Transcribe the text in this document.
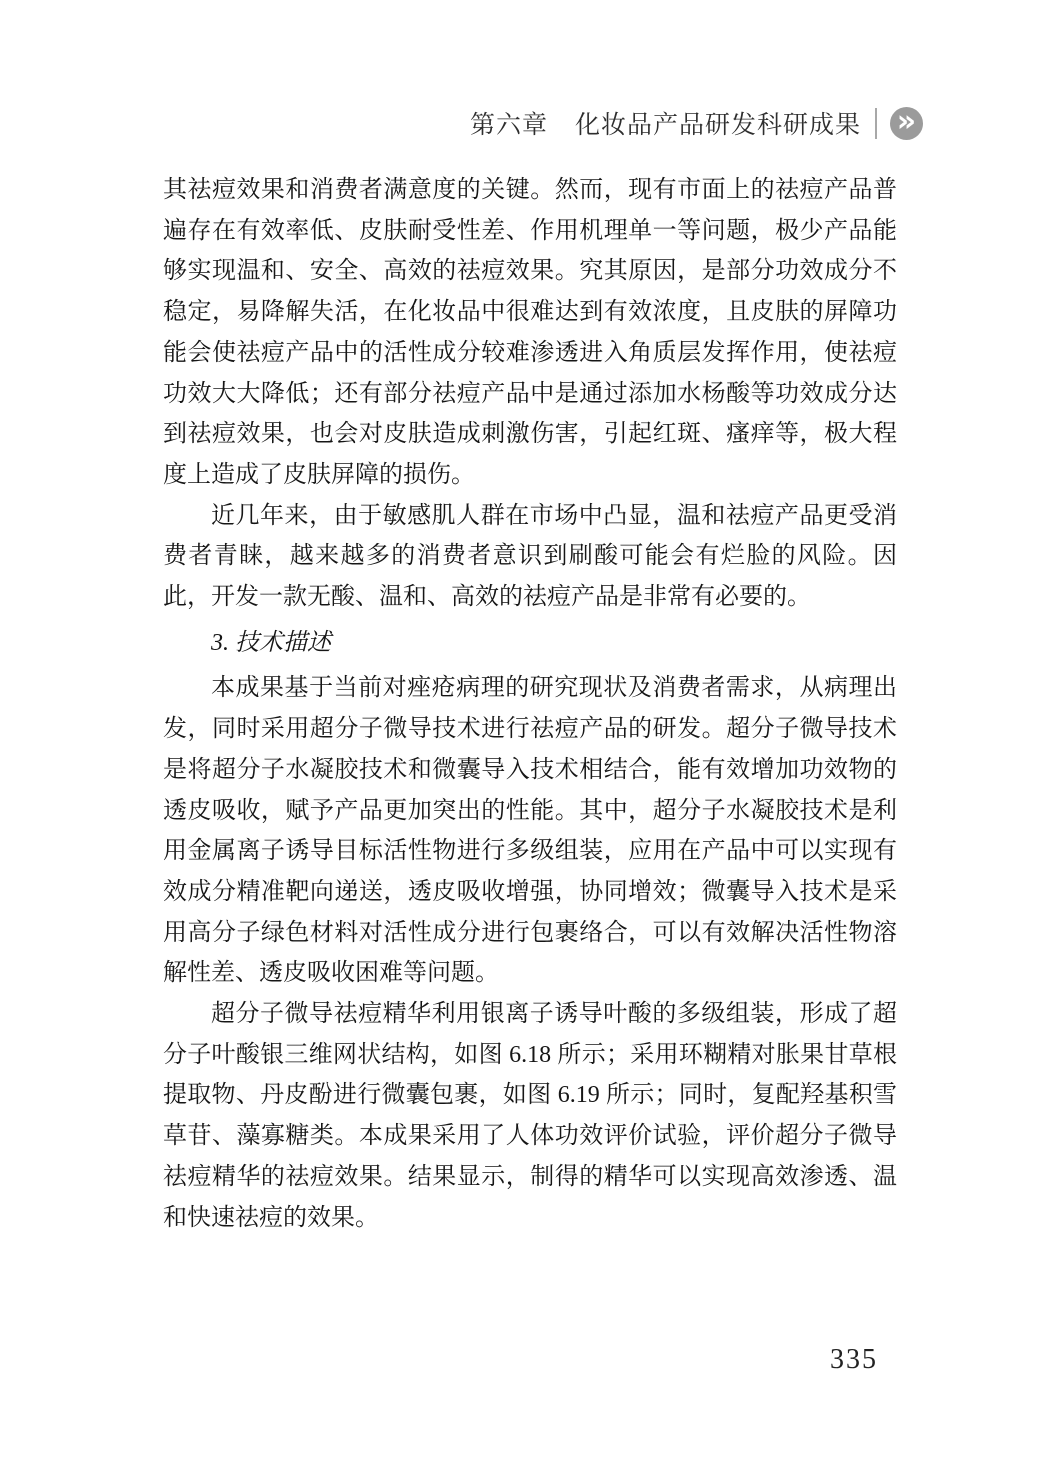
第六章 化妆品产品研发科研成果
»

其祛痘效果和消费者满意度的关键。然而，现有市面上的祛痘产品普遍存在有效率低、皮肤耐受性差、作用机理单一等问题，极少产品能够实现温和、安全、高效的祛痘效果。究其原因，是部分功效成分不稳定，易降解失活，在化妆品中很难达到有效浓度，且皮肤的屏障功能会使祛痘产品中的活性成分较难渗透进入角质层发挥作用，使祛痘功效大大降低；还有部分祛痘产品中是通过添加水杨酸等功效成分达到祛痘效果，也会对皮肤造成刺激伤害，引起红斑、瘙痒等，极大程度上造成了皮肤屏障的损伤。

近几年来，由于敏感肌人群在市场中凸显，温和祛痘产品更受消费者青睐，越来越多的消费者意识到刷酸可能会有烂脸的风险。因此，开发一款无酸、温和、高效的祛痘产品是非常有必要的。

3. 技术描述

本成果基于当前对痤疮病理的研究现状及消费者需求，从病理出发，同时采用超分子微导技术进行祛痘产品的研发。超分子微导技术是将超分子水凝胶技术和微囊导入技术相结合，能有效增加功效物的透皮吸收，赋予产品更加突出的性能。其中，超分子水凝胶技术是利用金属离子诱导目标活性物进行多级组装，应用在产品中可以实现有效成分精准靶向递送，透皮吸收增强，协同增效；微囊导入技术是采用高分子绿色材料对活性成分进行包裹络合，可以有效解决活性物溶解性差、透皮吸收困难等问题。

超分子微导祛痘精华利用银离子诱导叶酸的多级组装，形成了超分子叶酸银三维网状结构，如图 6.18 所示；采用环糊精对胀果甘草根提取物、丹皮酚进行微囊包裹，如图 6.19 所示；同时，复配羟基积雪草苷、藻寡糖类。本成果采用了人体功效评价试验，评价超分子微导祛痘精华的祛痘效果。结果显示，制得的精华可以实现高效渗透、温和快速祛痘的效果。

335
